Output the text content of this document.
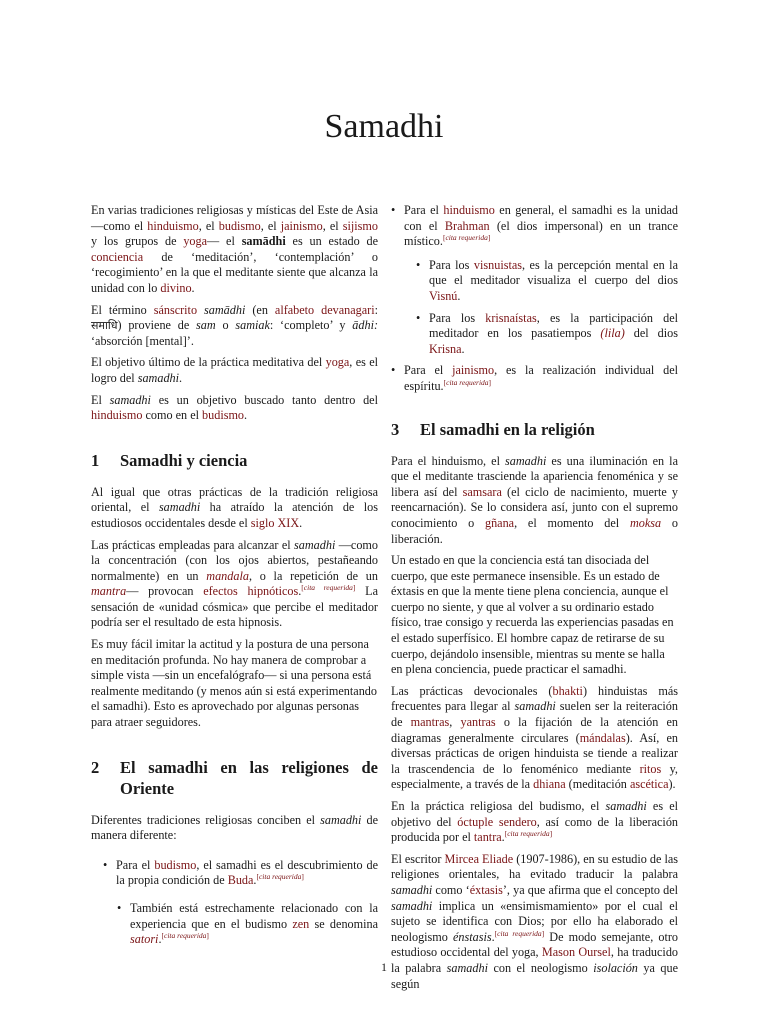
Samadhi

En varias tradiciones religiosas y místicas del Este de Asia —como el hinduismo, el budismo, el jainismo, el sijismo y los grupos de yoga— el samādhi es un estado de conciencia de ‘meditación’, ‘contemplación’ o ‘recogimiento’ en la que el meditante siente que alcanza la unidad con lo divino.

El término sánscrito samādhi (en alfabeto devanagari: समाधि) proviene de sam o samiak: ‘completo’ y ādhi: ‘absorción [mental]’.

El objetivo último de la práctica meditativa del yoga, es el logro del samadhi.

El samadhi es un objetivo buscado tanto dentro del hinduismo como en el budismo.

1 Samadhi y ciencia

Al igual que otras prácticas de la tradición religiosa oriental, el samadhi ha atraído la atención de los estudiosos occidentales desde el siglo XIX.

Las prácticas empleadas para alcanzar el samadhi —como la concentración (con los ojos abiertos, pestañeando normalmente) en un mandala, o la repetición de un mantra— provocan efectos hipnóticos.[cita requerida] La sensación de «unidad cósmica» que percibe el meditador podría ser el resultado de esta hipnosis.

Es muy fácil imitar la actitud y la postura de una persona en meditación profunda. No hay manera de comprobar a simple vista —sin un encefalógrafo— si una persona está realmente meditando (y menos aún si está experimentando el samadhi). Esto es aprovechado por algunas personas para atraer seguidores.

2	El samadhi en las religiones de Oriente

Diferentes tradiciones religiosas conciben el samadhi de manera diferente:

• Para el budismo, el samadhi es el descubrimiento de la propia condición de Buda.[cita requerida]
• También está estrechamente relacionado con la experiencia que en el budismo zen se denomina satori.[cita requerida]
• Para el hinduismo en general, el samadhi es la unidad con el Brahman (el dios impersonal) en un trance místico.[cita requerida]
• Para los visnuistas, es la percepción mental en la que el meditador visualiza el cuerpo del dios Visnú.
• Para los krisnaístas, es la participación del meditador en los pasatiempos (lila) del dios Krisna.
• Para el jainismo, es la realización individual del espíritu.[cita requerida]
3 El samadhi en la religión

Para el hinduismo, el samadhi es una iluminación en la que el meditante trasciende la apariencia fenoménica y se libera así del samsara (el ciclo de nacimiento, muerte y reencarnación). Se lo considera así, junto con el supremo conocimiento o gñana, el momento del moksa o liberación.

Un estado en que la conciencia está tan disociada del cuerpo, que este permanece insensible. Es un estado de éxtasis en que la mente tiene plena conciencia, aunque el cuerpo no siente, y que al volver a su ordinario estado físico, trae consigo y recuerda las experiencias pasadas en el estado superfísico. El hombre capaz de retirarse de su cuerpo, dejándolo insensible, mientras su mente se halla en plena conciencia, puede practicar el samadhi.

Las prácticas devocionales (bhakti) hinduistas más frecuentes para llegar al samadhi suelen ser la reiteración de mantras, yantras o la fijación de la atención en diagramas generalmente circulares (mándalas). Así, en diversas prácticas de origen hinduista se tiende a realizar la trascendencia de lo fenoménico mediante ritos y, especialmente, a través de la dhiana (meditación ascética).

En la práctica religiosa del budismo, el samadhi es el objetivo del óctuple sendero, así como de la liberación producida por el tantra.[cita requerida]

El escritor Mircea Eliade (1907-1986), en su estudio de las religiones orientales, ha evitado traducir la palabra samadhi como ‘éxtasis’, ya que afirma que el concepto del samadhi implica un «ensimismamiento» por el cual el sujeto se identifica con Dios; por ello ha elaborado el neologismo énstasis.[cita requerida] De modo semejante, otro estudioso occidental del yoga, Mason Oursel, ha traducido la palabra samadhi con el neologismo isolación ya que según

1
